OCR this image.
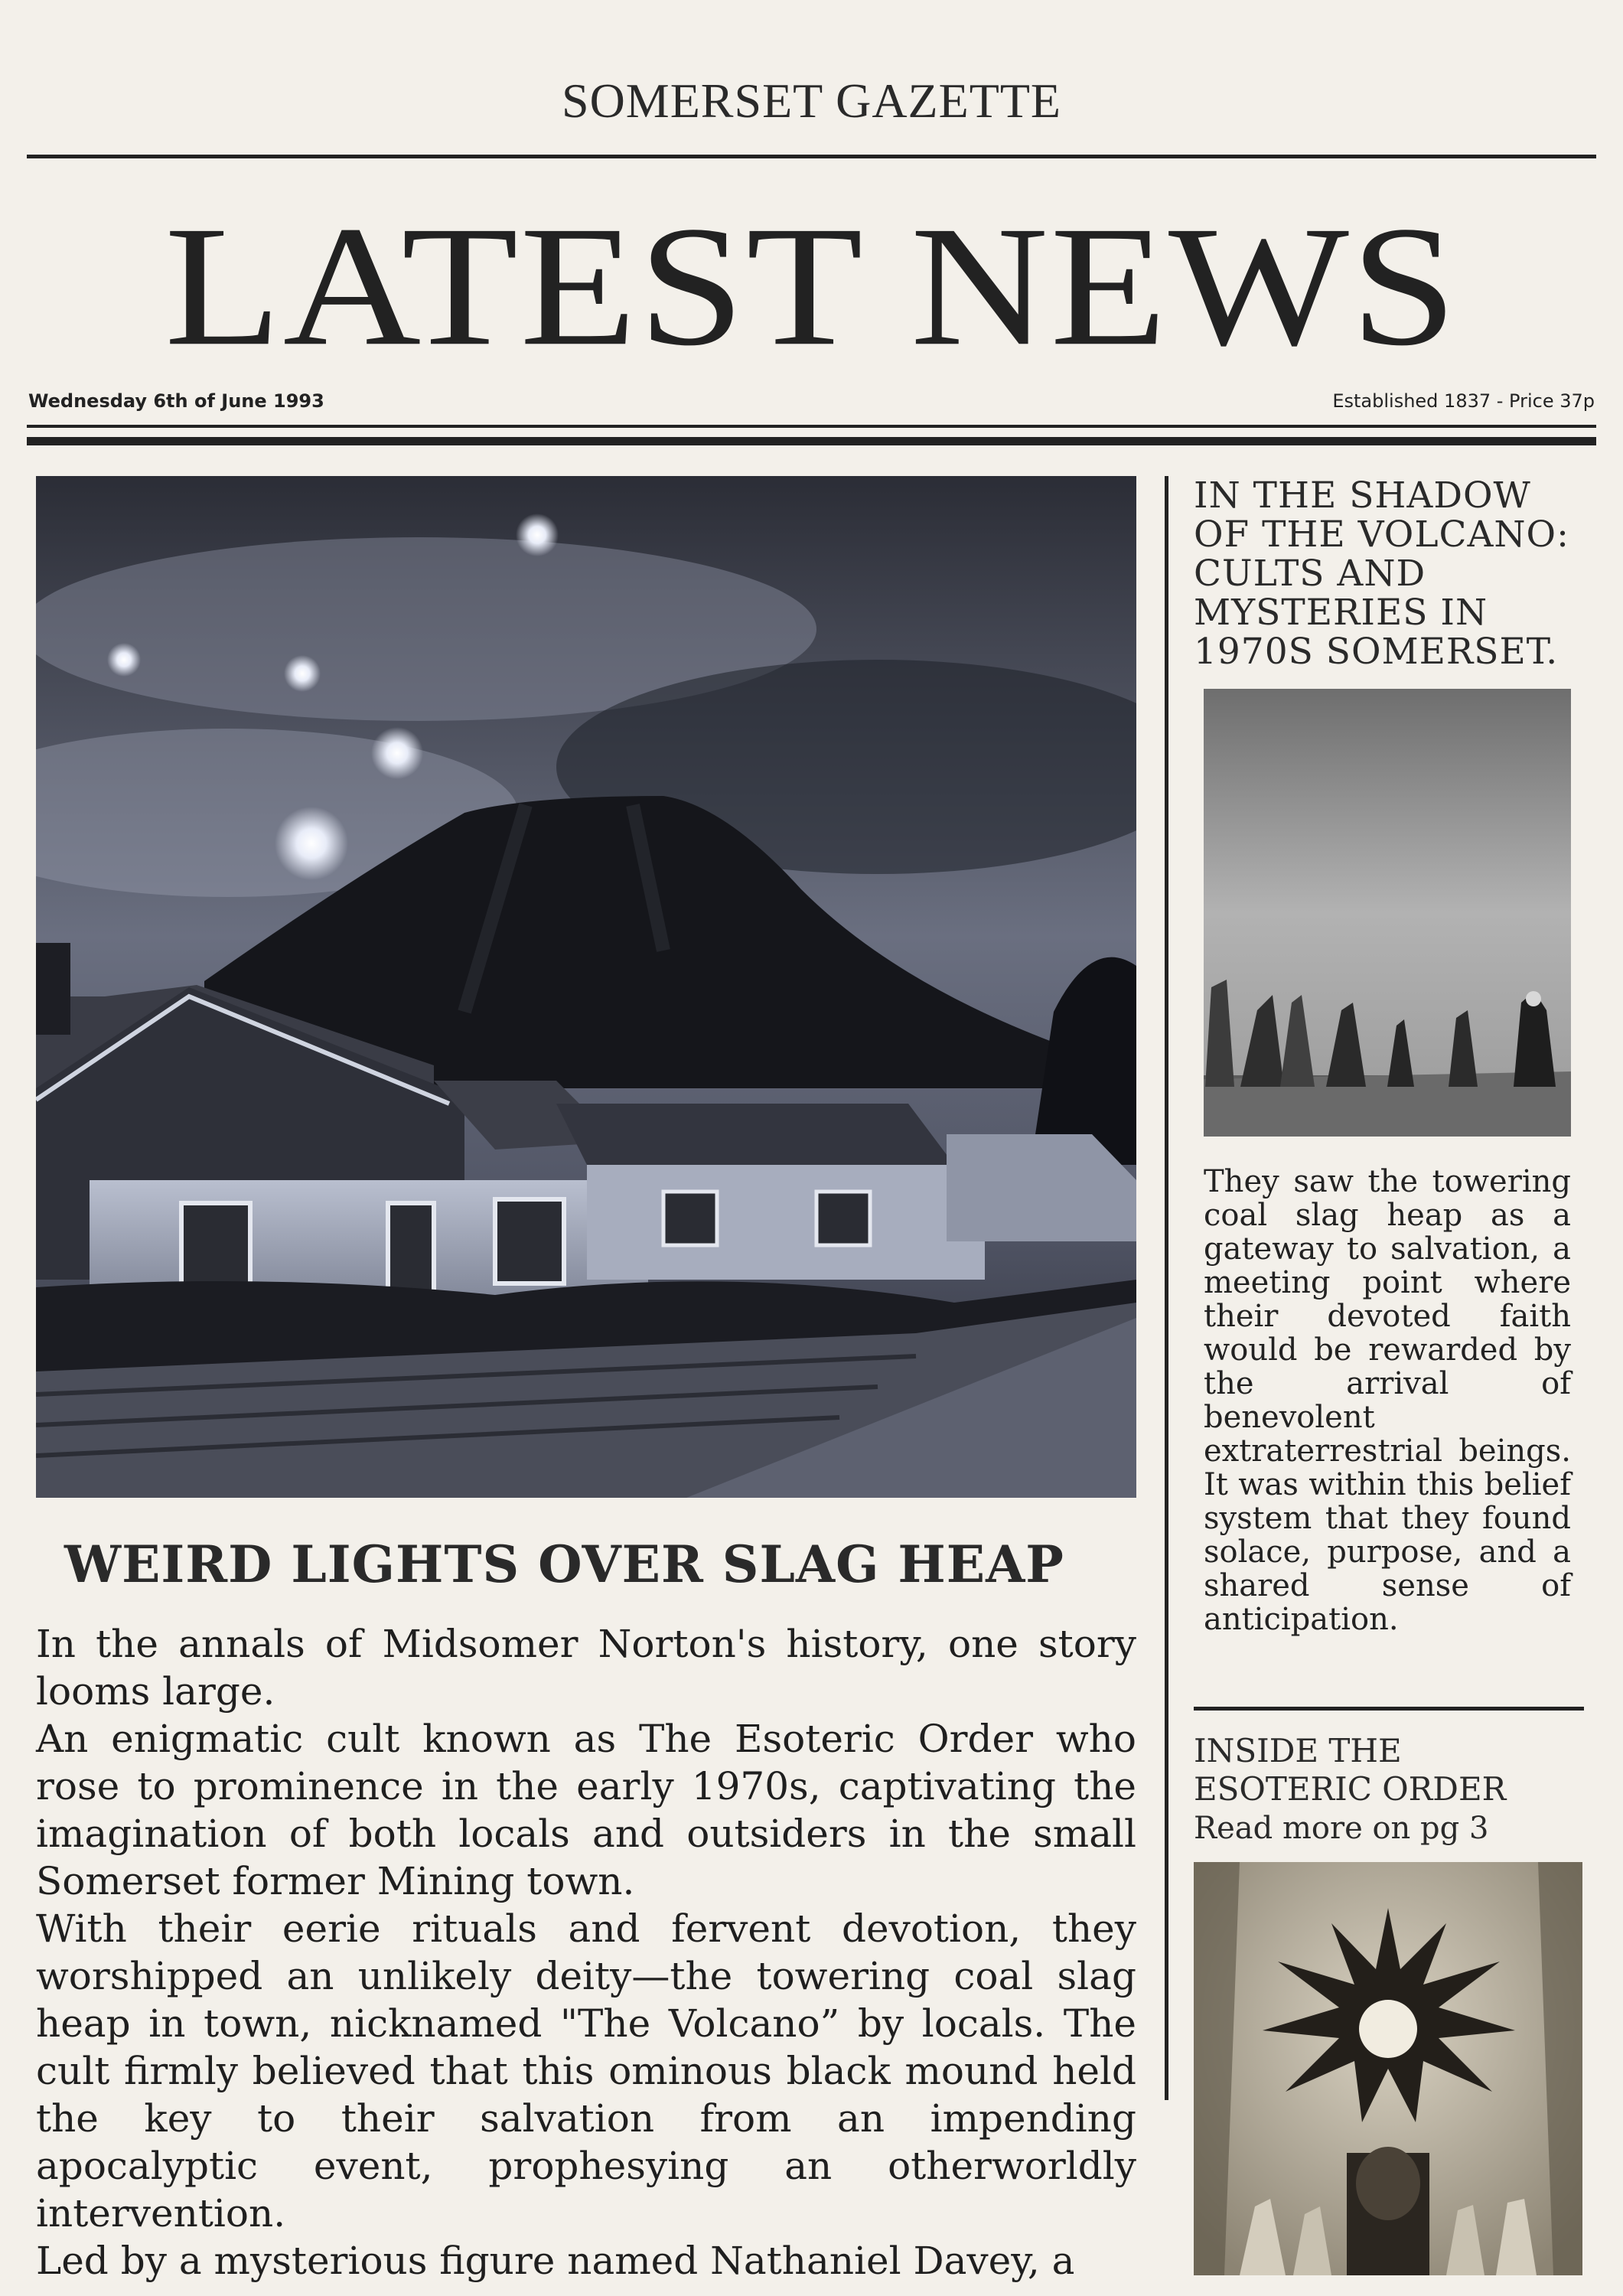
SOMERSET GAZETTE
LATEST NEWS
Wednesday 6th of June 1993	Established 1837 - Price 37p
WEIRD LIGHTS OVER SLAG HEAP

In the annals of Midsomer Norton's history, one story looms large.

An enigmatic cult known as The Esoteric Order who rose to prominence in the early 1970s, captivating the imagination of both locals and outsiders in the small Somerset former Mining town.

With their eerie rituals and fervent devotion, they worshipped an unlikely deity—the towering coal slag heap in town, nicknamed "The Volcano” by locals. The cult firmly believed that this ominous black mound held the key to their salvation from an impending apocalyptic event, prophesying an otherworldly intervention.

Led by a mysterious figure named Nathaniel Davey, a

IN THE SHADOW OF THE VOLCANO: CULTS AND MYSTERIES IN 1970S SOMERSET.
They saw the towering coal slag heap as a gateway to salvation, a meeting point where their devoted faith would be rewarded by the arrival of benevolent extraterrestrial beings. It was within this belief system that they found solace, purpose, and a shared sense of anticipation.
INSIDE THE ESOTERIC ORDER
Read more on pg 3
